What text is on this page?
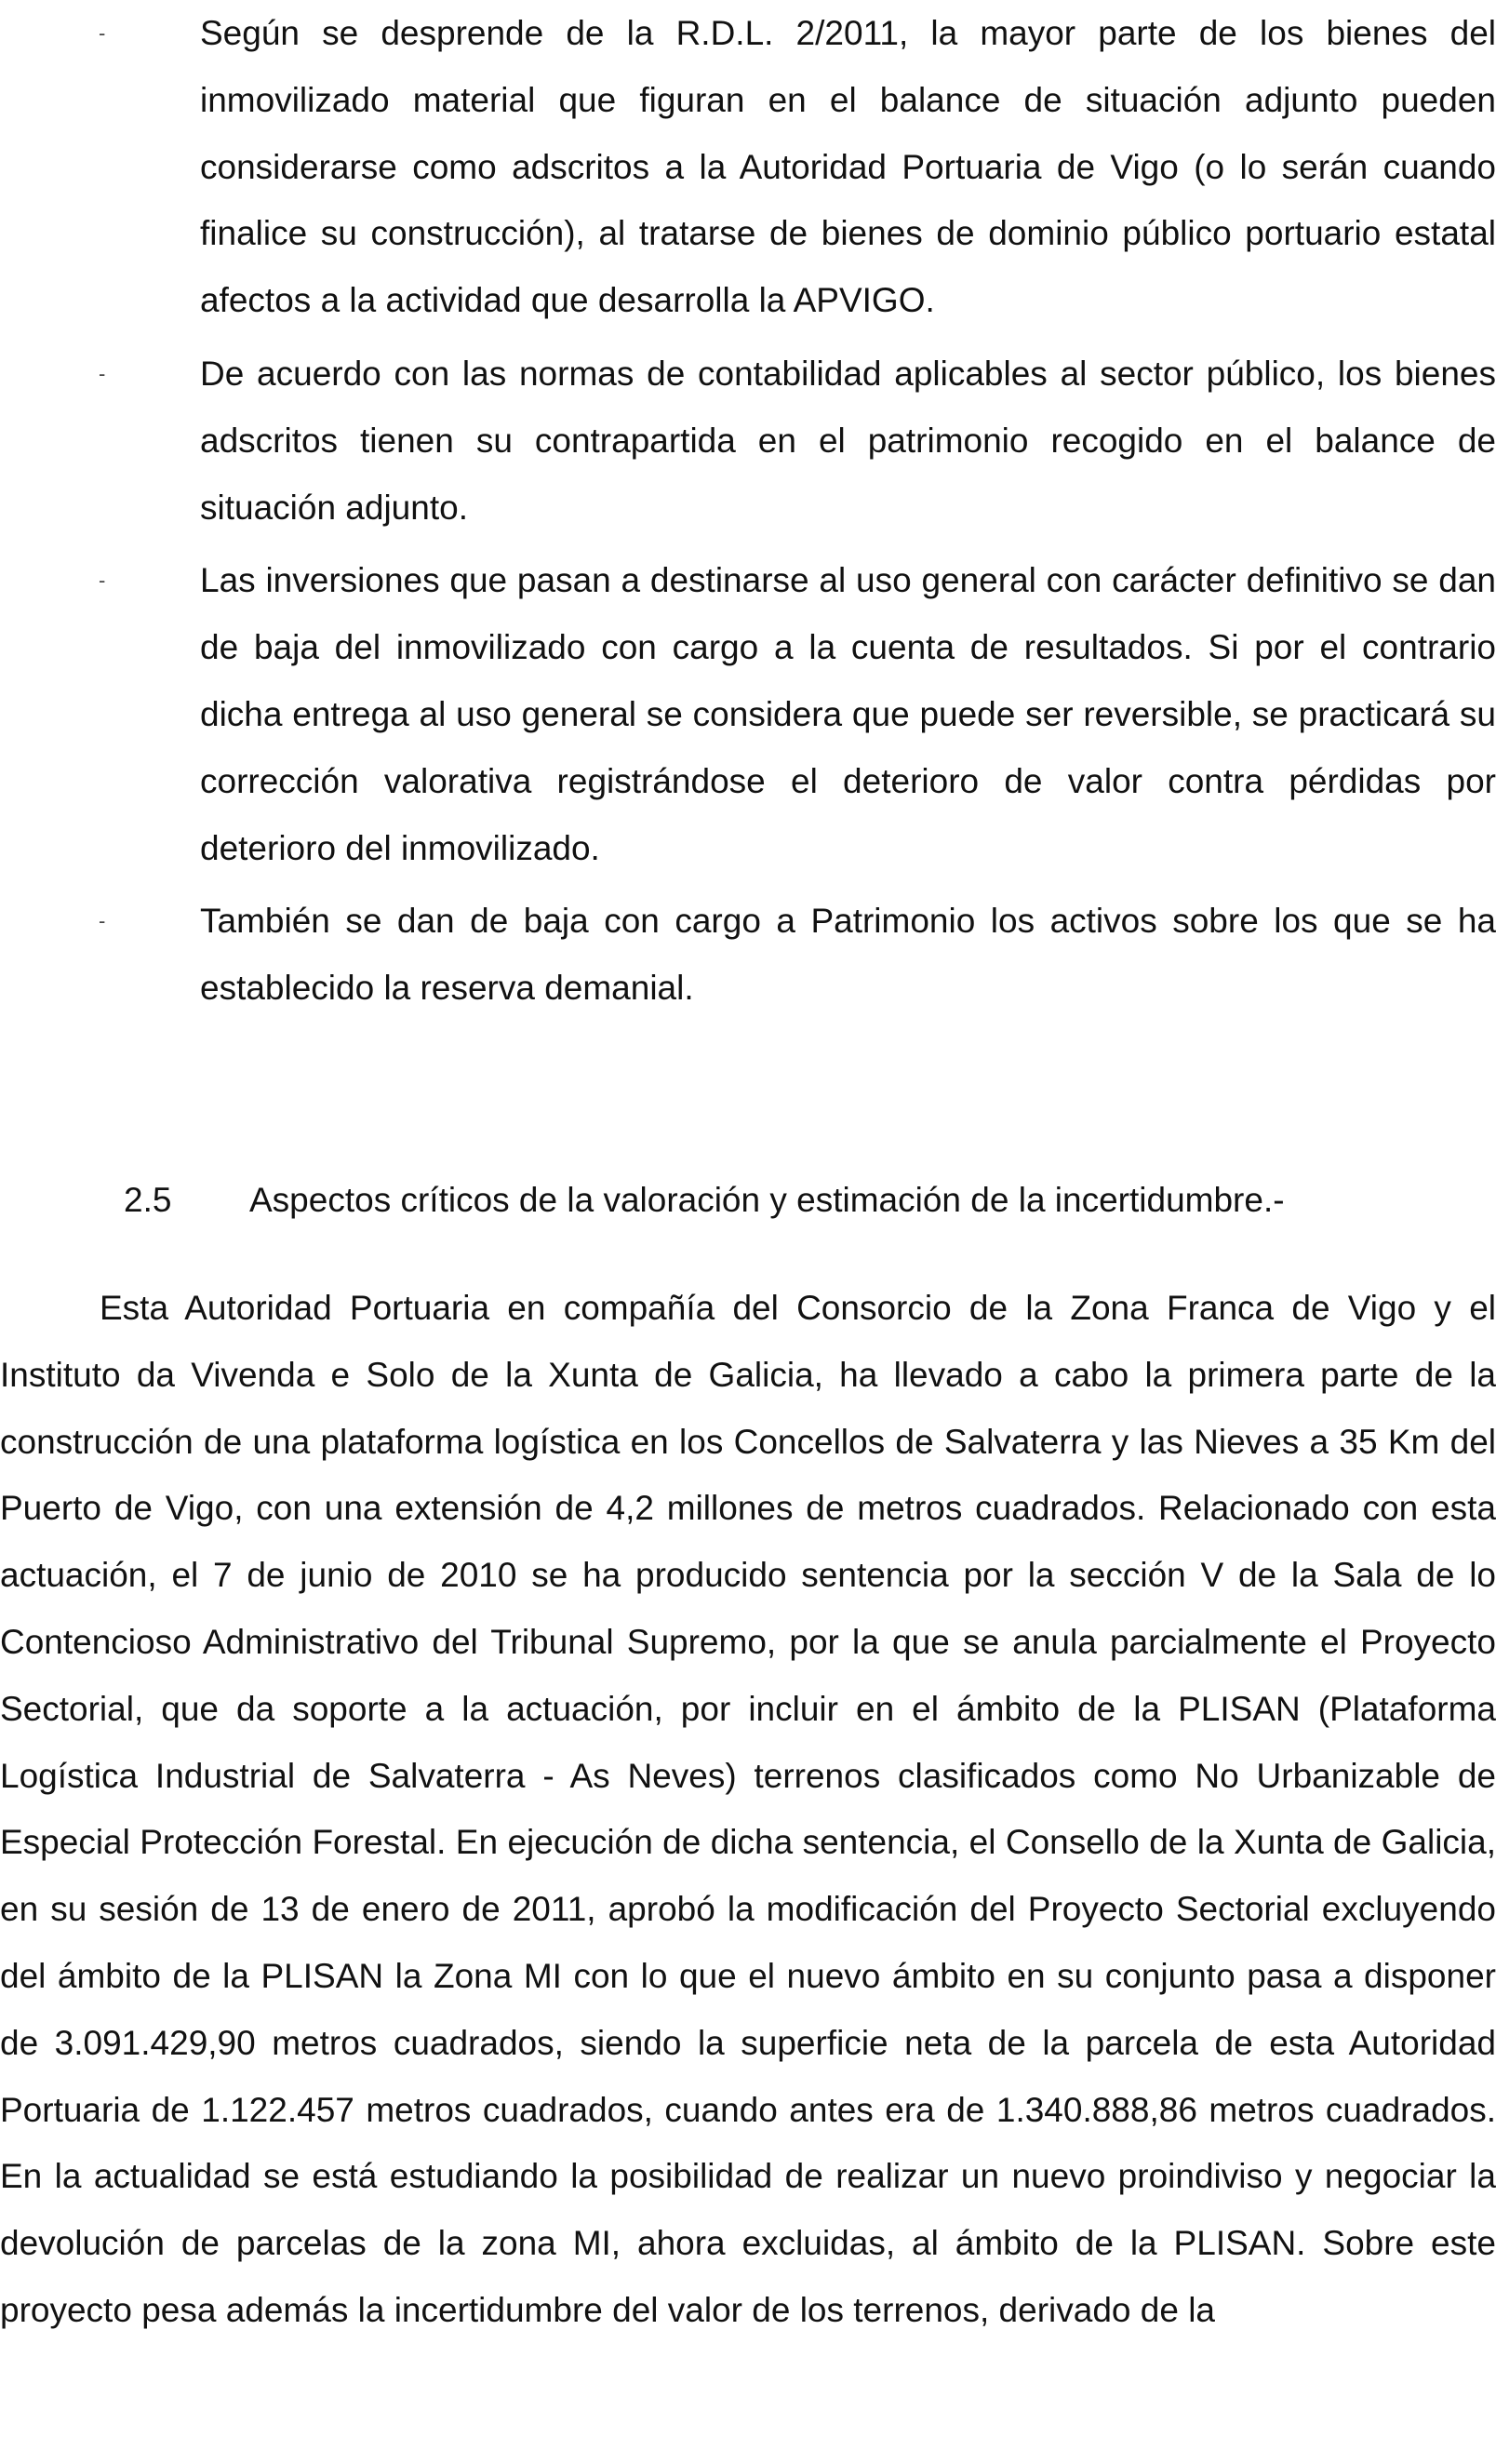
-	Según se desprende de la R.D.L. 2/2011, la mayor parte de los bienes del inmovilizado material que figuran en el balance de situación adjunto pueden considerarse como adscritos a la Autoridad Portuaria de Vigo (o lo serán cuando finalice su construcción), al tratarse de bienes de dominio público portuario estatal afectos a la actividad que desarrolla la APVIGO.

-	De acuerdo con las normas de contabilidad aplicables al sector público, los bienes adscritos tienen su contrapartida en el patrimonio recogido en el balance de situación adjunto.

-	Las inversiones que pasan a destinarse al uso general con carácter definitivo se dan de baja del inmovilizado con cargo a la cuenta de resultados. Si por el contrario dicha entrega al uso general se considera que puede ser reversible, se practicará su corrección valorativa registrándose el deterioro de valor contra pérdidas por deterioro del inmovilizado.

-	También se dan de baja con cargo a Patrimonio los activos sobre los que se ha establecido la reserva demanial.

2.5 Aspectos críticos de la valoración y estimación de la incertidumbre.-

Esta Autoridad Portuaria en compañía del Consorcio de la Zona Franca de Vigo y el Instituto da Vivenda e Solo de la Xunta de Galicia, ha llevado a cabo la primera parte de la construcción de una plataforma logística en los Concellos de Salvaterra y las Nieves a 35 Km del Puerto de Vigo, con una extensión de 4,2 millones de metros cuadrados. Relacionado con esta actuación, el 7 de junio de 2010 se ha producido sentencia por la sección V de la Sala de lo Contencioso Administrativo del Tribunal Supremo, por la que se anula parcialmente el Proyecto Sectorial, que da soporte a la actuación, por incluir en el ámbito de la PLISAN (Plataforma Logística Industrial de Salvaterra - As Neves) terrenos clasificados como No Urbanizable de Especial Protección Forestal. En ejecución de dicha sentencia, el Consello de la Xunta de Galicia, en su sesión de 13 de enero de 2011, aprobó la modificación del Proyecto Sectorial excluyendo del ámbito de la PLISAN la Zona MI con lo que el nuevo ámbito en su conjunto pasa a disponer de 3.091.429,90 metros cuadrados, siendo la superficie neta de la parcela de esta Autoridad Portuaria de 1.122.457 metros cuadrados, cuando antes era de 1.340.888,86 metros cuadrados. En la actualidad se está estudiando la posibilidad de realizar un nuevo proindiviso y negociar la devolución de parcelas de la zona MI, ahora excluidas, al ámbito de la PLISAN. Sobre este proyecto pesa además la incertidumbre del valor de los terrenos, derivado de la
